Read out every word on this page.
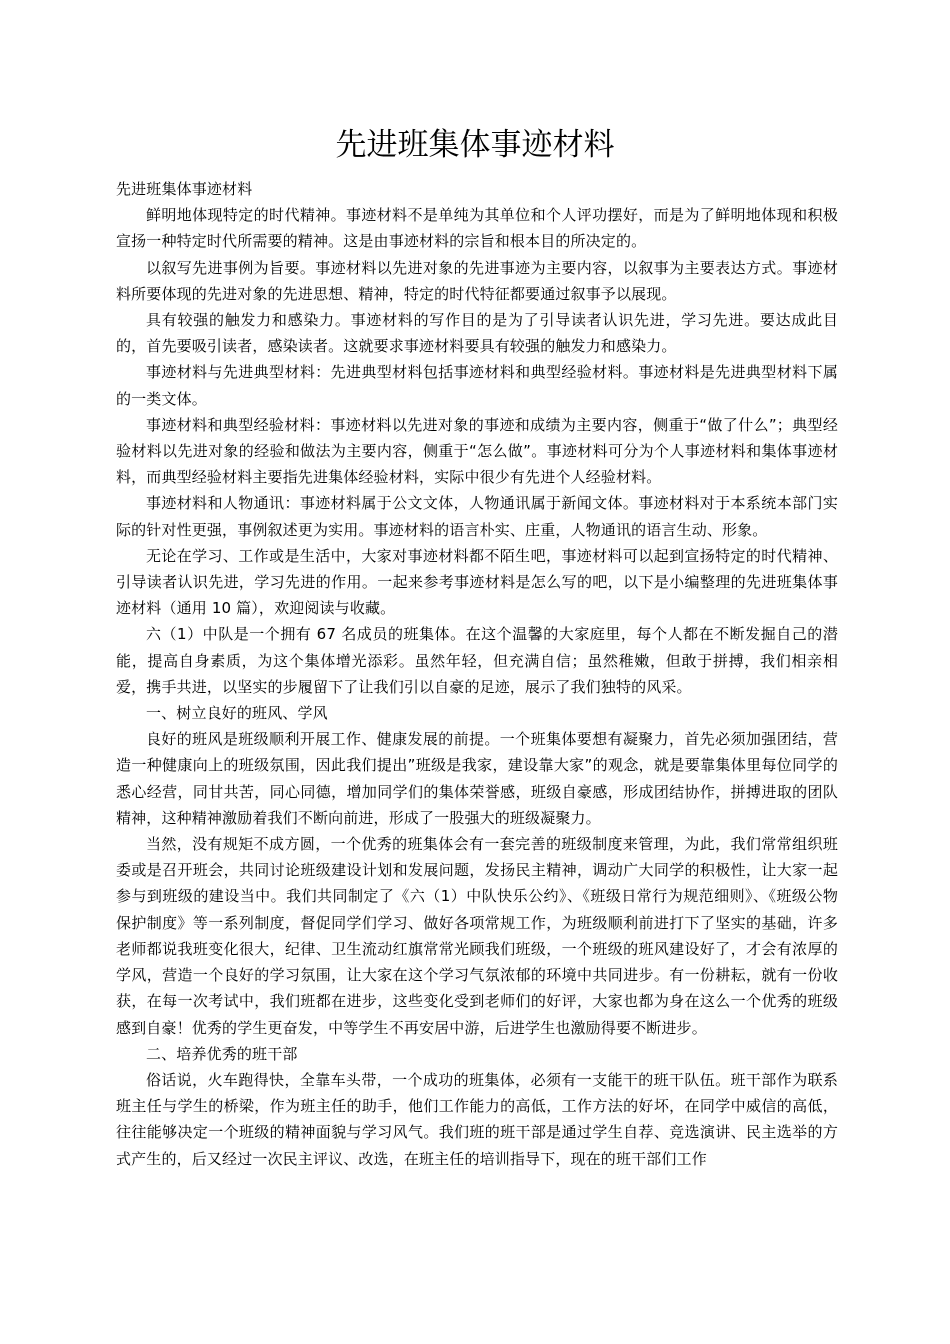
先进班集体事迹材料

先进班集体事迹材料

鲜明地体现特定的时代精神。事迹材料不是单纯为其单位和个人评功摆好，而是为了鲜明地体现和积极宣扬一种特定时代所需要的精神。这是由事迹材料的宗旨和根本目的所决定的。

以叙写先进事例为旨要。事迹材料以先进对象的先进事迹为主要内容，以叙事为主要表达方式。事迹材料所要体现的先进对象的先进思想、精神，特定的时代特征都要通过叙事予以展现。

具有较强的触发力和感染力。事迹材料的写作目的是为了引导读者认识先进，学习先进。要达成此目的，首先要吸引读者，感染读者。这就要求事迹材料要具有较强的触发力和感染力。

事迹材料与先进典型材料：先进典型材料包括事迹材料和典型经验材料。事迹材料是先进典型材料下属的一类文体。

事迹材料和典型经验材料：事迹材料以先进对象的事迹和成绩为主要内容，侧重于“做了什么”；典型经验材料以先进对象的经验和做法为主要内容，侧重于“怎么做”。事迹材料可分为个人事迹材料和集体事迹材料，而典型经验材料主要指先进集体经验材料，实际中很少有先进个人经验材料。

事迹材料和人物通讯：事迹材料属于公文文体，人物通讯属于新闻文体。事迹材料对于本系统本部门实际的针对性更强，事例叙述更为实用。事迹材料的语言朴实、庄重，人物通讯的语言生动、形象。

无论在学习、工作或是生活中，大家对事迹材料都不陌生吧，事迹材料可以起到宣扬特定的时代精神、引导读者认识先进，学习先进的作用。一起来参考事迹材料是怎么写的吧，以下是小编整理的先进班集体事迹材料（通用 10 篇），欢迎阅读与收藏。

六（1）中队是一个拥有 67 名成员的班集体。在这个温馨的大家庭里，每个人都在不断发掘自己的潜能，提高自身素质，为这个集体增光添彩。虽然年轻，但充满自信；虽然稚嫩，但敢于拼搏，我们相亲相爱，携手共进，以坚实的步履留下了让我们引以自豪的足迹，展示了我们独特的风采。

一、树立良好的班风、学风

良好的班风是班级顺利开展工作、健康发展的前提。一个班集体要想有凝聚力，首先必须加强团结，营造一种健康向上的班级氛围，因此我们提出”班级是我家，建设靠大家”的观念，就是要靠集体里每位同学的悉心经营，同甘共苦，同心同德，增加同学们的集体荣誉感，班级自豪感，形成团结协作，拼搏进取的团队精神，这种精神激励着我们不断向前进，形成了一股强大的班级凝聚力。

当然，没有规矩不成方圆，一个优秀的班集体会有一套完善的班级制度来管理，为此，我们常常组织班委或是召开班会，共同讨论班级建设计划和发展问题，发扬民主精神，调动广大同学的积极性，让大家一起参与到班级的建设当中。我们共同制定了《六（1）中队快乐公约》、《班级日常行为规范细则》、《班级公物保护制度》等一系列制度，督促同学们学习、做好各项常规工作，为班级顺利前进打下了坚实的基础，许多老师都说我班变化很大，纪律、卫生流动红旗常常光顾我们班级，一个班级的班风建设好了，才会有浓厚的学风，营造一个良好的学习氛围，让大家在这个学习气氛浓郁的环境中共同进步。有一份耕耘，就有一份收获，在每一次考试中，我们班都在进步，这些变化受到老师们的好评，大家也都为身在这么一个优秀的班级感到自豪！优秀的学生更奋发，中等学生不再安居中游，后进学生也激励得要不断进步。

二、培养优秀的班干部

俗话说，火车跑得快，全靠车头带，一个成功的班集体，必须有一支能干的班干队伍。班干部作为联系班主任与学生的桥梁，作为班主任的助手，他们工作能力的高低，工作方法的好坏，在同学中威信的高低，往往能够决定一个班级的精神面貌与学习风气。我们班的班干部是通过学生自荐、竞选演讲、民主选举的方式产生的，后又经过一次民主评议、改选，在班主任的培训指导下，现在的班干部们工作
